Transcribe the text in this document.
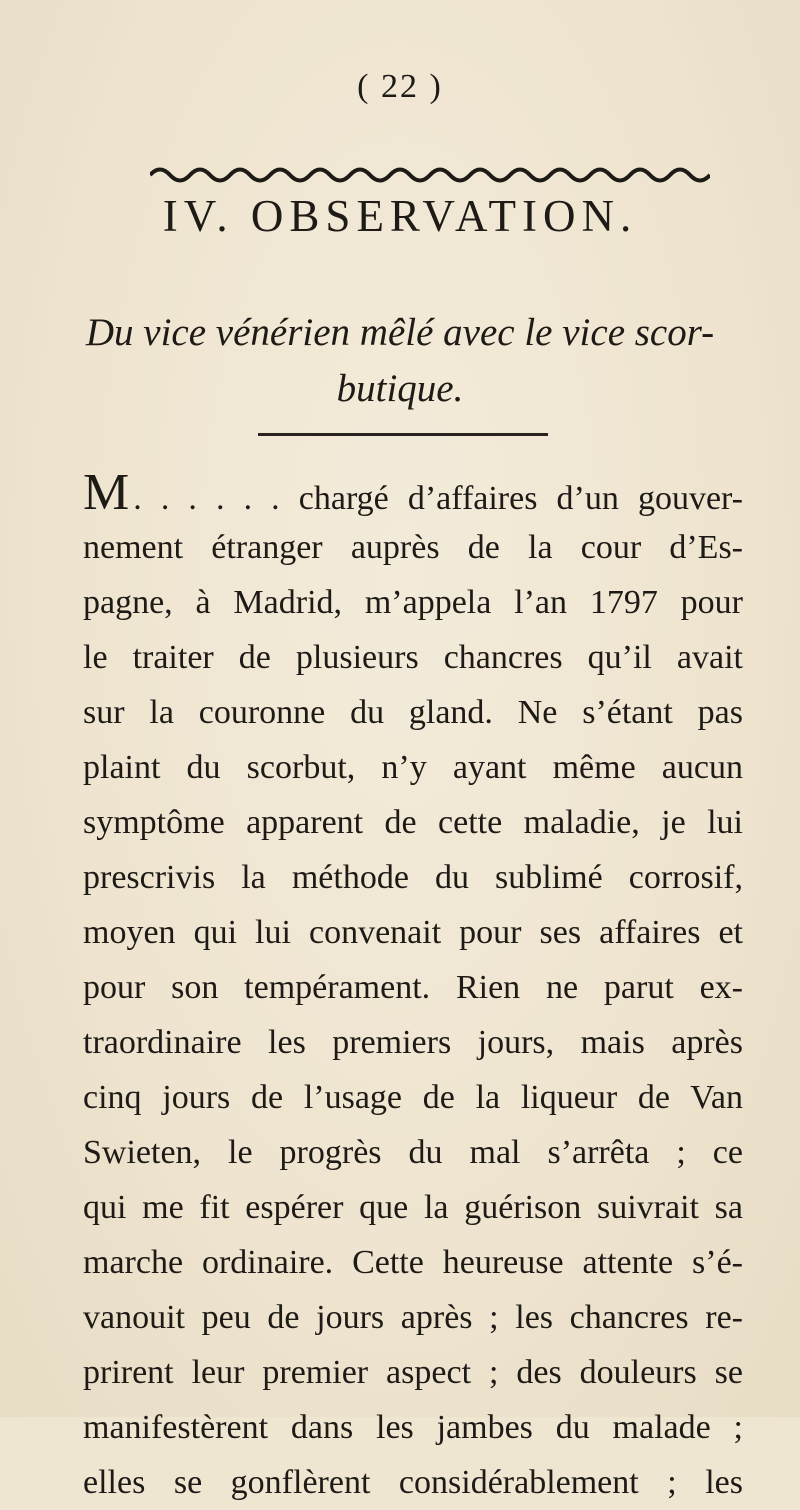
( 22 )
IV. OBSERVATION.
Du vice vénérien mêlé avec le vice scor-
butique.
M . . . . . . chargé d’affaires d’un gouver-
nement étranger auprès de la cour d’Es-
pagne, à Madrid, m’appela l’an 1797 pour
le traiter de plusieurs chancres qu’il avait
sur la couronne du gland. Ne s’étant pas
plaint du scorbut, n’y ayant même aucun
symptôme apparent de cette maladie, je lui
prescrivis la méthode du sublimé corrosif,
moyen qui lui convenait pour ses affaires et
pour son tempérament. Rien ne parut ex-
traordinaire les premiers jours, mais après
cinq jours de l’usage de la liqueur de Van
Swieten, le progrès du mal s’arrêta ; ce
qui me fit espérer que la guérison suivrait sa
marche ordinaire. Cette heureuse attente s’é-
vanouit peu de jours après ; les chancres re-
prirent leur premier aspect ; des douleurs se
manifestèrent dans les jambes du malade ;
elles se gonflèrent considérablement ; les
